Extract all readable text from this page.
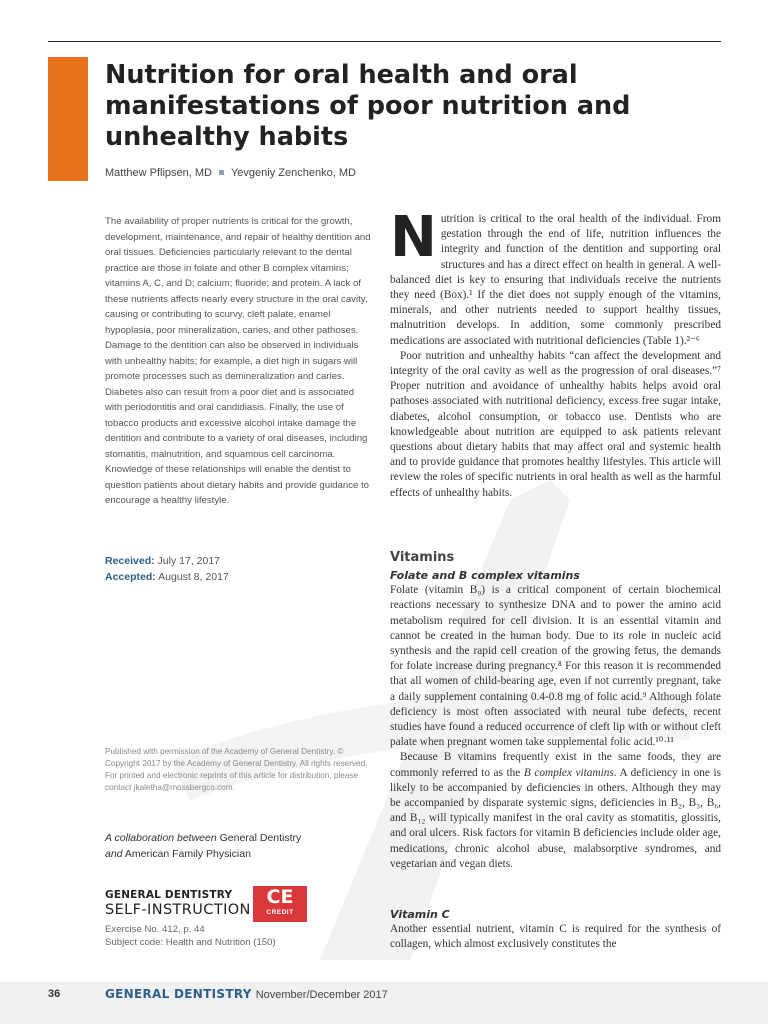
Nutrition for oral health and oral manifestations of poor nutrition and unhealthy habits
Matthew Pflipsen, MD Yevgeniy Zenchenko, MD

The availability of proper nutrients is critical for the growth, development, maintenance, and repair of healthy dentition and oral tissues. Deficiencies particularly relevant to the dental practice are those in folate and other B complex vitamins; vitamins A, C, and D; calcium; fluoride; and protein. A lack of these nutrients affects nearly every structure in the oral cavity, causing or contributing to scurvy, cleft palate, enamel hypoplasia, poor mineralization, caries, and other pathoses. Damage to the dentition can also be observed in individuals with unhealthy habits; for example, a diet high in sugars will promote processes such as demineralization and caries. Diabetes also can result from a poor diet and is associated with periodontitis and oral candidiasis. Finally, the use of tobacco products and excessive alcohol intake damage the dentition and contribute to a variety of oral diseases, including stomatitis, malnutrition, and squamous cell carcinoma. Knowledge of these relationships will enable the dentist to question patients about dietary habits and provide guidance to encourage a healthy lifestyle.

Received: July 17, 2017
Accepted: August 8, 2017

Published with permission of the Academy of General Dentistry. © Copyright 2017 by the Academy of General Dentistry. All rights reserved. For printed and electronic reprints of this article for distribution, please contact jkaletha@mossbergco.com.

A collaboration between General Dentistry
and American Family Physician
GENERAL DENTISTRY
SELF-INSTRUCTION
CE
CREDIT
Exercise No. 412, p. 44
Subject code: Health and Nutrition (150)

Nutrition is critical to the oral health of the individual. From gestation through the end of life, nutrition influences the integrity and function of the dentition and supporting oral structures and has a direct effect on health in general. A well-balanced diet is key to ensuring that individuals receive the nutrients they need (Box).¹ If the diet does not supply enough of the vitamins, minerals, and other nutrients needed to support healthy tissues, malnutrition develops. In addition, some commonly prescribed medications are associated with nutritional deficiencies (Table 1).²⁻⁶

Poor nutrition and unhealthy habits “can affect the development and integrity of the oral cavity as well as the progression of oral diseases.”⁷ Proper nutrition and avoidance of unhealthy habits helps avoid oral pathoses associated with nutritional deficiency, excess free sugar intake, diabetes, alcohol consumption, or tobacco use. Dentists who are knowledgeable about nutrition are equipped to ask patients relevant questions about dietary habits that may affect oral and systemic health and to provide guidance that promotes healthy lifestyles. This article will review the roles of specific nutrients in oral health as well as the harmful effects of unhealthy habits.

Vitamins
Folate and B complex vitamins

Folate (vitamin B₉) is a critical component of certain biochemical reactions necessary to synthesize DNA and to power the amino acid metabolism required for cell division. It is an essential vitamin and cannot be created in the human body. Due to its role in nucleic acid synthesis and the rapid cell creation of the growing fetus, the demands for folate increase during pregnancy.⁸ For this reason it is recommended that all women of child-bearing age, even if not currently pregnant, take a daily supplement containing 0.4-0.8 mg of folic acid.⁹ Although folate deficiency is most often associated with neural tube defects, recent studies have found a reduced occurrence of cleft lip with or without cleft palate when pregnant women take supplemental folic acid.¹⁰·¹¹

Because B vitamins frequently exist in the same foods, they are commonly referred to as the B complex vitamins. A deficiency in one is likely to be accompanied by deficiencies in others. Although they may be accompanied by disparate systemic signs, deficiencies in B₂, B₃, B₆, and B₁₂ will typically manifest in the oral cavity as stomatitis, glossitis, and oral ulcers. Risk factors for vitamin B deficiencies include older age, medications, chronic alcohol abuse, malabsorptive syndromes, and vegetarian and vegan diets.

Vitamin C

Another essential nutrient, vitamin C is required for the synthesis of collagen, which almost exclusively constitutes the

36	GENERAL DENTISTRY November/December 2017
